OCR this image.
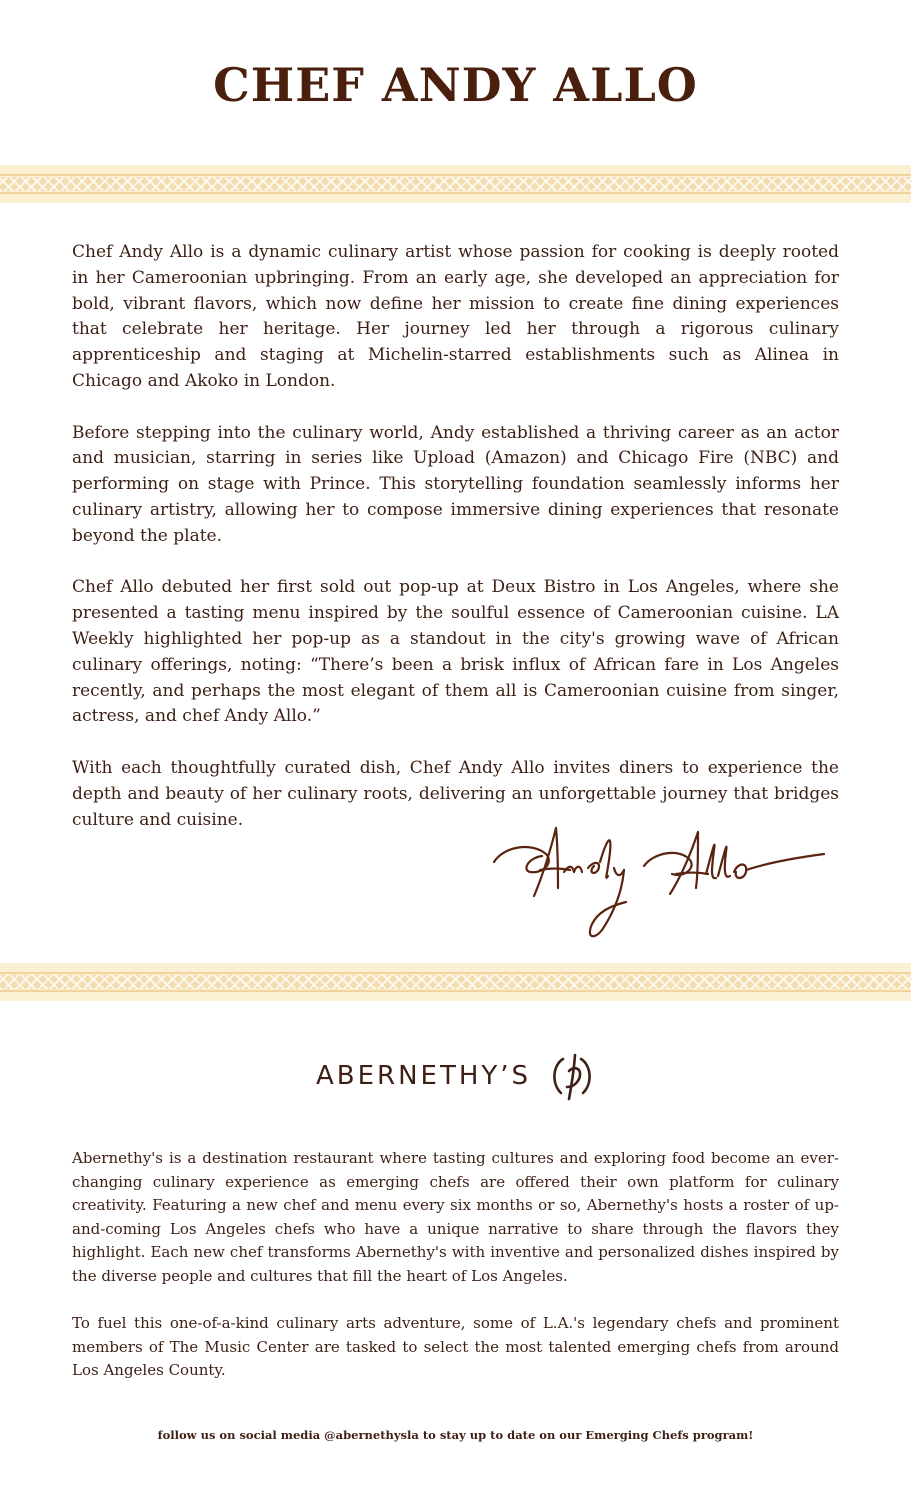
CHEF ANDY ALLO

Chef Andy Allo is a dynamic culinary artist whose passion for cooking is deeply rooted in her Cameroonian upbringing. From an early age, she developed an appreciation for bold, vibrant flavors, which now define her mission to create fine dining experiences that celebrate her heritage. Her journey led her through a rigorous culinary apprenticeship and staging at Michelin-starred establishments such as Alinea in Chicago and Akoko in London.

Before stepping into the culinary world, Andy established a thriving career as an actor and musician, starring in series like Upload (Amazon) and Chicago Fire (NBC) and performing on stage with Prince. This storytelling foundation seamlessly informs her culinary artistry, allowing her to compose immersive dining experiences that resonate beyond the plate.

Chef Allo debuted her first sold out pop-up at Deux Bistro in Los Angeles, where she presented a tasting menu inspired by the soulful essence of Cameroonian cuisine. LA Weekly highlighted her pop-up as a standout in the city's growing wave of African culinary offerings, noting: “There’s been a brisk influx of African fare in Los Angeles recently, and perhaps the most elegant of them all is Cameroonian cuisine from singer, actress, and chef Andy Allo.”

With each thoughtfully curated dish, Chef Andy Allo invites diners to experience the depth and beauty of her culinary roots, delivering an unforgettable journey that bridges culture and cuisine.

ABERNETHY’S

Abernethy's is a destination restaurant where tasting cultures and exploring food become an ever-changing culinary experience as emerging chefs are offered their own platform for culinary creativity. Featuring a new chef and menu every six months or so, Abernethy's hosts a roster of up-and-coming Los Angeles chefs who have a unique narrative to share through the flavors they highlight. Each new chef transforms Abernethy's with inventive and personalized dishes inspired by the diverse people and cultures that fill the heart of Los Angeles.

To fuel this one-of-a-kind culinary arts adventure, some of L.A.'s legendary chefs and prominent members of The Music Center are tasked to select the most talented emerging chefs from around Los Angeles County.

follow us on social media @abernethysla to stay up to date on our Emerging Chefs program!
